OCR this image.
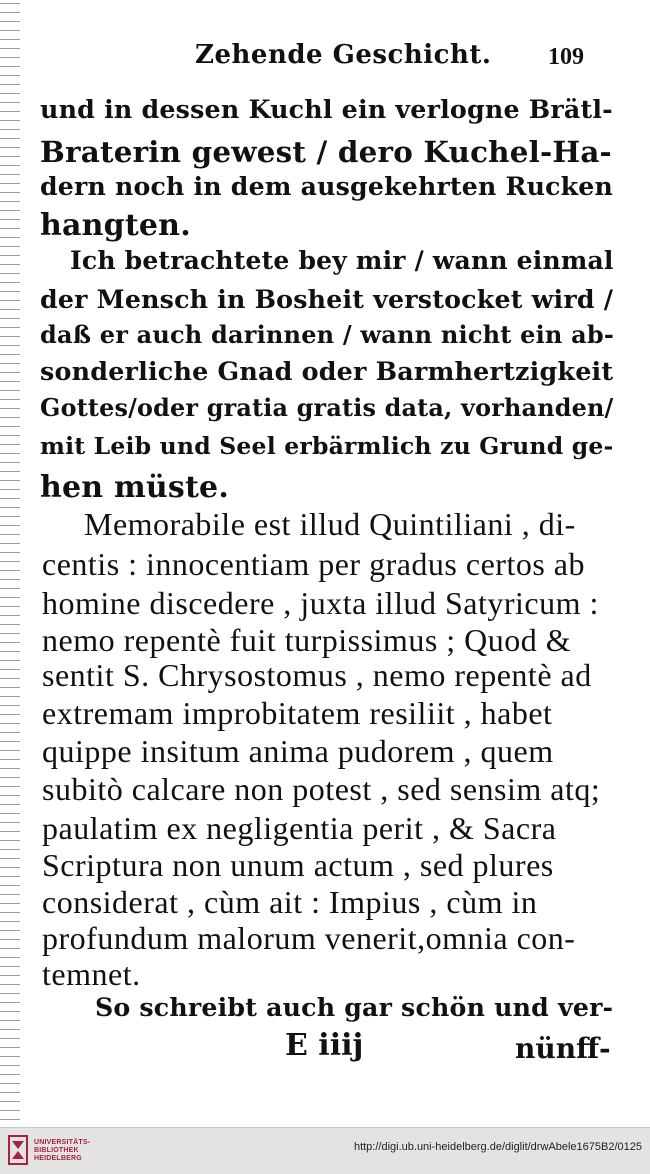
Zehende Geschicht. 109
und in dessen Kuchl ein verlogne Brätl-
Braterin gewest / dero Kuchel-Ha-
dern noch in dem ausgekehrten Rucken
hangten.
Ich betrachtete bey mir / wann einmal
der Mensch in Bosheit verstocket wird /
daß er auch darinnen / wann nicht ein ab-
sonderliche Gnad oder Barmhertzigkeit
Gottes/oder gratia gratis data, vorhanden/
mit Leib und Seel erbärmlich zu Grund ge-
hen müste.
Memorabile est illud Quintiliani , di-
centis : innocentiam per gradus certos ab
homine discedere , juxta illud Satyricum :
nemo repentè fuit turpissimus ; Quod &
sentit S. Chrysostomus , nemo repentè ad
extremam improbitatem resiliit , habet
quippe insitum anima pudorem , quem
subitò calcare non potest , sed sensim atq;
paulatim ex negligentia perit , & Sacra
Scriptura non unum actum , sed plures
considerat , cùm ait : Impius , cùm in
profundum malorum venerit,omnia con-
temnet.
So schreibt auch gar schön und ver-
E iiij	nünff-
UNIVERSITÄTS-
BIBLIOTHEK
HEIDELBERG
http://digi.ub.uni-heidelberg.de/diglit/drwAbele1675B2/0125
